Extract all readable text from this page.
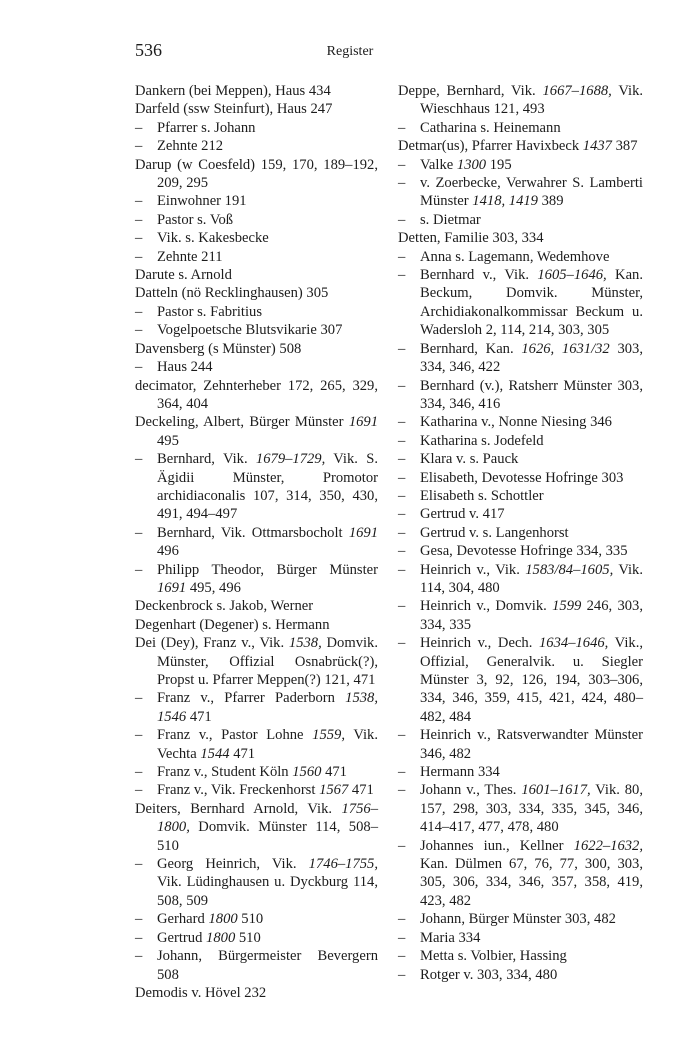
536	Register
Dankern (bei Meppen), Haus 434
Darfeld (ssw Steinfurt), Haus 247
– Pfarrer s. Johann
– Zehnte 212
Darup (w Coesfeld) 159, 170, 189–192, 209, 295
– Einwohner 191
– Pastor s. Voß
– Vik. s. Kakesbecke
– Zehnte 211
Darute s. Arnold
Datteln (nö Recklinghausen) 305
– Pastor s. Fabritius
– Vogelpoetsche Blutsvikarie 307
Davensberg (s Münster) 508
– Haus 244
decimator, Zehnterheber 172, 265, 329, 364, 404
Deckeling, Albert, Bürger Münster 1691 495
– Bernhard, Vik. 1679–1729, Vik. S. Ägidii Münster, Promotor archidiaconalis 107, 314, 350, 430, 491, 494–497
– Bernhard, Vik. Ottmarsbocholt 1691 496
– Philipp Theodor, Bürger Münster 1691 495, 496
Deckenbrock s. Jakob, Werner
Degenhart (Degener) s. Hermann
Dei (Dey), Franz v., Vik. 1538, Domvik. Münster, Offizial Osnabrück(?), Propst u. Pfarrer Meppen(?) 121, 471
– Franz v., Pfarrer Paderborn 1538, 1546 471
– Franz v., Pastor Lohne 1559, Vik. Vechta 1544 471
– Franz v., Student Köln 1560 471
– Franz v., Vik. Freckenhorst 1567 471
Deiters, Bernhard Arnold, Vik. 1756–1800, Domvik. Münster 114, 508–510
– Georg Heinrich, Vik. 1746–1755, Vik. Lüdinghausen u. Dyckburg 114, 508, 509
– Gerhard 1800 510
– Gertrud 1800 510
– Johann, Bürgermeister Bevergern 508
Demodis v. Hövel 232
Deppe, Bernhard, Vik. 1667–1688, Vik. Wieschhaus 121, 493
– Catharina s. Heinemann
Detmar(us), Pfarrer Havixbeck 1437 387
– Valke 1300 195
– v. Zoerbecke, Verwahrer S. Lamberti Münster 1418, 1419 389
– s. Dietmar
Detten, Familie 303, 334
– Anna s. Lagemann, Wedemhove
– Bernhard v., Vik. 1605–1646, Kan. Beckum, Domvik. Münster, Archidiakonalkommissar Beckum u. Wadersloh 2, 114, 214, 303, 305
– Bernhard, Kan. 1626, 1631/32 303, 334, 346, 422
– Bernhard (v.), Ratsherr Münster 303, 334, 346, 416
– Katharina v., Nonne Niesing 346
– Katharina s. Jodefeld
– Klara v. s. Pauck
– Elisabeth, Devotesse Hofringe 303
– Elisabeth s. Schottler
– Gertrud v. 417
– Gertrud v. s. Langenhorst
– Gesa, Devotesse Hofringe 334, 335
– Heinrich v., Vik. 1583/84–1605, Vik. 114, 304, 480
– Heinrich v., Domvik. 1599 246, 303, 334, 335
– Heinrich v., Dech. 1634–1646, Vik., Offizial, Generalvik. u. Siegler Münster 3, 92, 126, 194, 303–306, 334, 346, 359, 415, 421, 424, 480–482, 484
– Heinrich v., Ratsverwandter Münster 346, 482
– Hermann 334
– Johann v., Thes. 1601–1617, Vik. 80, 157, 298, 303, 334, 335, 345, 346, 414–417, 477, 478, 480
– Johannes iun., Kellner 1622–1632, Kan. Dülmen 67, 76, 77, 300, 303, 305, 306, 334, 346, 357, 358, 419, 423, 482
– Johann, Bürger Münster 303, 482
– Maria 334
– Metta s. Volbier, Hassing
– Rotger v. 303, 334, 480
